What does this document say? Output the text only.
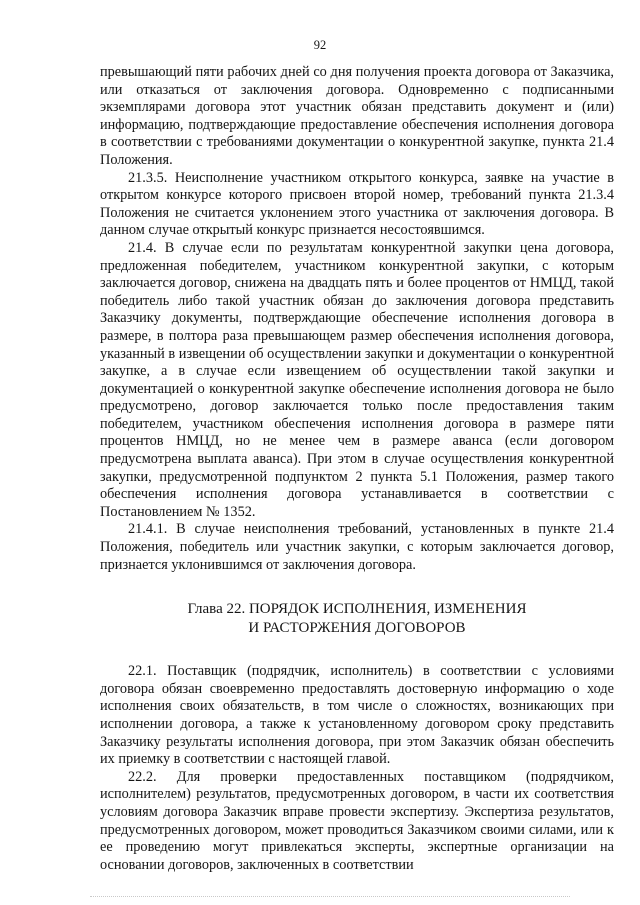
92

превышающий пяти рабочих дней со дня получения проекта договора от Заказчика, или отказаться от заключения договора. Одновременно с подписанными экземплярами договора этот участник обязан представить документ и (или) информацию, подтверждающие предоставление обеспечения исполнения договора в соответствии с требованиями документации о конкурентной закупке, пункта 21.4 Положения.

21.3.5. Неисполнение участником открытого конкурса, заявке на участие в открытом конкурсе которого присвоен второй номер, требований пункта 21.3.4 Положения не считается уклонением этого участника от заключения договора. В данном случае открытый конкурс признается несостоявшимся.

21.4. В случае если по результатам конкурентной закупки цена договора, предложенная победителем, участником конкурентной закупки, с которым заключается договор, снижена на двадцать пять и более процентов от НМЦД, такой победитель либо такой участник обязан до заключения договора представить Заказчику документы, подтверждающие обеспечение исполнения договора в размере, в полтора раза превышающем размер обеспечения исполнения договора, указанный в извещении об осуществлении закупки и документации о конкурентной закупке, а в случае если извещением об осуществлении такой закупки и документацией о конкурентной закупке обеспечение исполнения договора не было предусмотрено, договор заключается только после предоставления таким победителем, участником обеспечения исполнения договора в размере пяти процентов НМЦД, но не менее чем в размере аванса (если договором предусмотрена выплата аванса). При этом в случае осуществления конкурентной закупки, предусмотренной подпунктом 2 пункта 5.1 Положения, размер такого обеспечения исполнения договора устанавливается в соответствии с Постановлением № 1352.

21.4.1. В случае неисполнения требований, установленных в пункте 21.4 Положения, победитель или участник закупки, с которым заключается договор, признается уклонившимся от заключения договора.

Глава 22. ПОРЯДОК ИСПОЛНЕНИЯ, ИЗМЕНЕНИЯ
И РАСТОРЖЕНИЯ ДОГОВОРОВ

22.1. Поставщик (подрядчик, исполнитель) в соответствии с условиями договора обязан своевременно предоставлять достоверную информацию о ходе исполнения своих обязательств, в том числе о сложностях, возникающих при исполнении договора, а также к установленному договором сроку представить Заказчику результаты исполнения договора, при этом Заказчик обязан обеспечить их приемку в соответствии с настоящей главой.

22.2. Для проверки предоставленных поставщиком (подрядчиком, исполнителем) результатов, предусмотренных договором, в части их соответствия условиям договора Заказчик вправе провести экспертизу. Экспертиза результатов, предусмотренных договором, может проводиться Заказчиком своими силами, или к ее проведению могут привлекаться эксперты, экспертные организации на основании договоров, заключенных в соответствии
